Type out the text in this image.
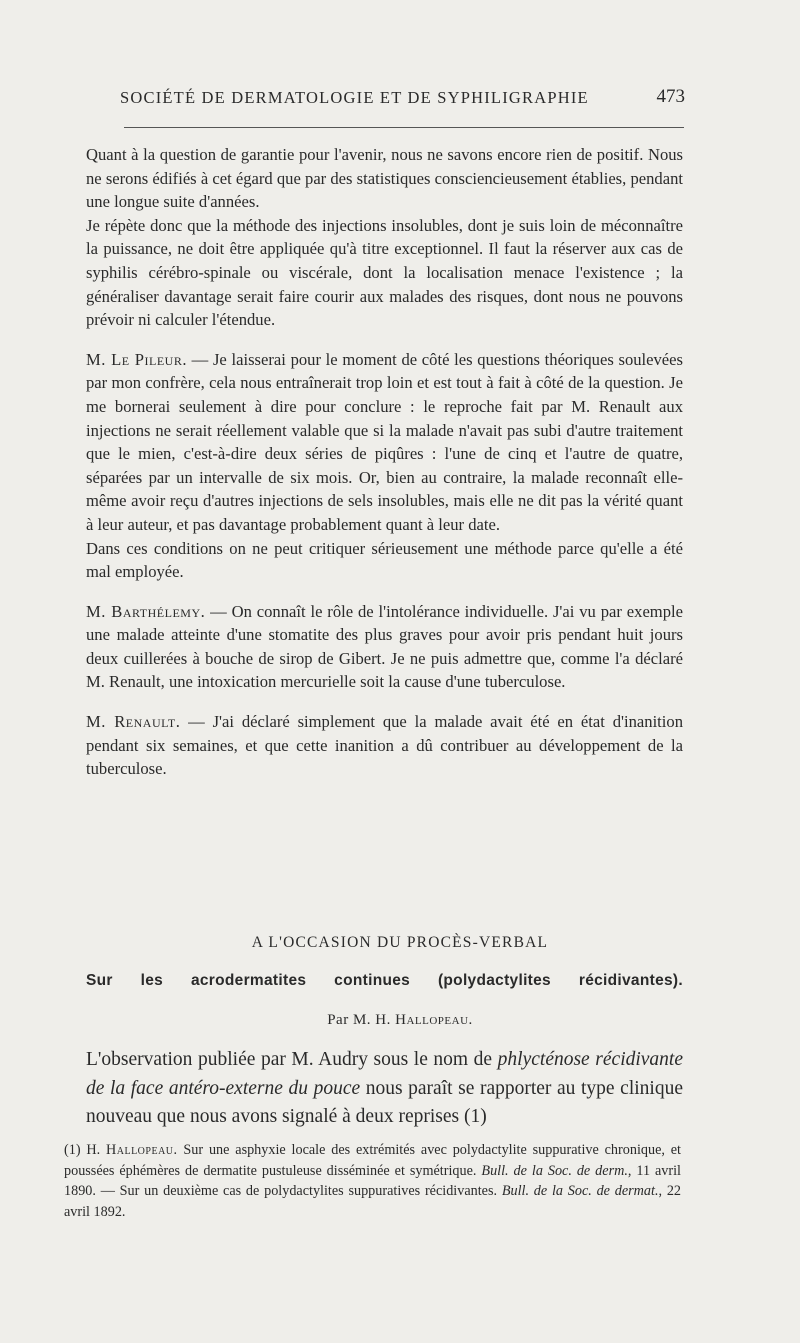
SOCIÉTÉ DE DERMATOLOGIE ET DE SYPHILIGRAPHIE	473

Quant à la question de garantie pour l'avenir, nous ne savons encore rien de positif. Nous ne serons édifiés à cet égard que par des statistiques consciencieusement établies, pendant une longue suite d'années.

Je répète donc que la méthode des injections insolubles, dont je suis loin de méconnaître la puissance, ne doit être appliquée qu'à titre exceptionnel. Il faut la réserver aux cas de syphilis cérébro-spinale ou viscérale, dont la localisation menace l'existence ; la généraliser davantage serait faire courir aux malades des risques, dont nous ne pouvons prévoir ni calculer l'étendue.

M. Le Pileur. — Je laisserai pour le moment de côté les questions théoriques soulevées par mon confrère, cela nous entraînerait trop loin et est tout à fait à côté de la question. Je me bornerai seulement à dire pour conclure : le reproche fait par M. Renault aux injections ne serait réellement valable que si la malade n'avait pas subi d'autre traitement que le mien, c'est-à-dire deux séries de piqûres : l'une de cinq et l'autre de quatre, séparées par un intervalle de six mois. Or, bien au contraire, la malade reconnaît elle-même avoir reçu d'autres injections de sels insolubles, mais elle ne dit pas la vérité quant à leur auteur, et pas davantage probablement quant à leur date.

Dans ces conditions on ne peut critiquer sérieusement une méthode parce qu'elle a été mal employée.

M. Barthélemy. — On connaît le rôle de l'intolérance individuelle. J'ai vu par exemple une malade atteinte d'une stomatite des plus graves pour avoir pris pendant huit jours deux cuillerées à bouche de sirop de Gibert. Je ne puis admettre que, comme l'a déclaré M. Renault, une intoxication mercurielle soit la cause d'une tuberculose.

M. Renault. — J'ai déclaré simplement que la malade avait été en état d'inanition pendant six semaines, et que cette inanition a dû contribuer au développement de la tuberculose.

A L'OCCASION DU PROCÈS-VERBAL
Sur les acrodermatites continues (polydactylites récidivantes).
Par M. H. Hallopeau.
L'observation publiée par M. Audry sous le nom de phlycténose récidivante de la face antéro-externe du pouce nous paraît se rapporter au type clinique nouveau que nous avons signalé à deux reprises (1)
(1) H. Hallopeau. Sur une asphyxie locale des extrémités avec polydactylite suppurative chronique, et poussées éphémères de dermatite pustuleuse disséminée et symétrique. Bull. de la Soc. de derm., 11 avril 1890. — Sur un deuxième cas de polydactylites suppuratives récidivantes. Bull. de la Soc. de dermat., 22 avril 1892.
